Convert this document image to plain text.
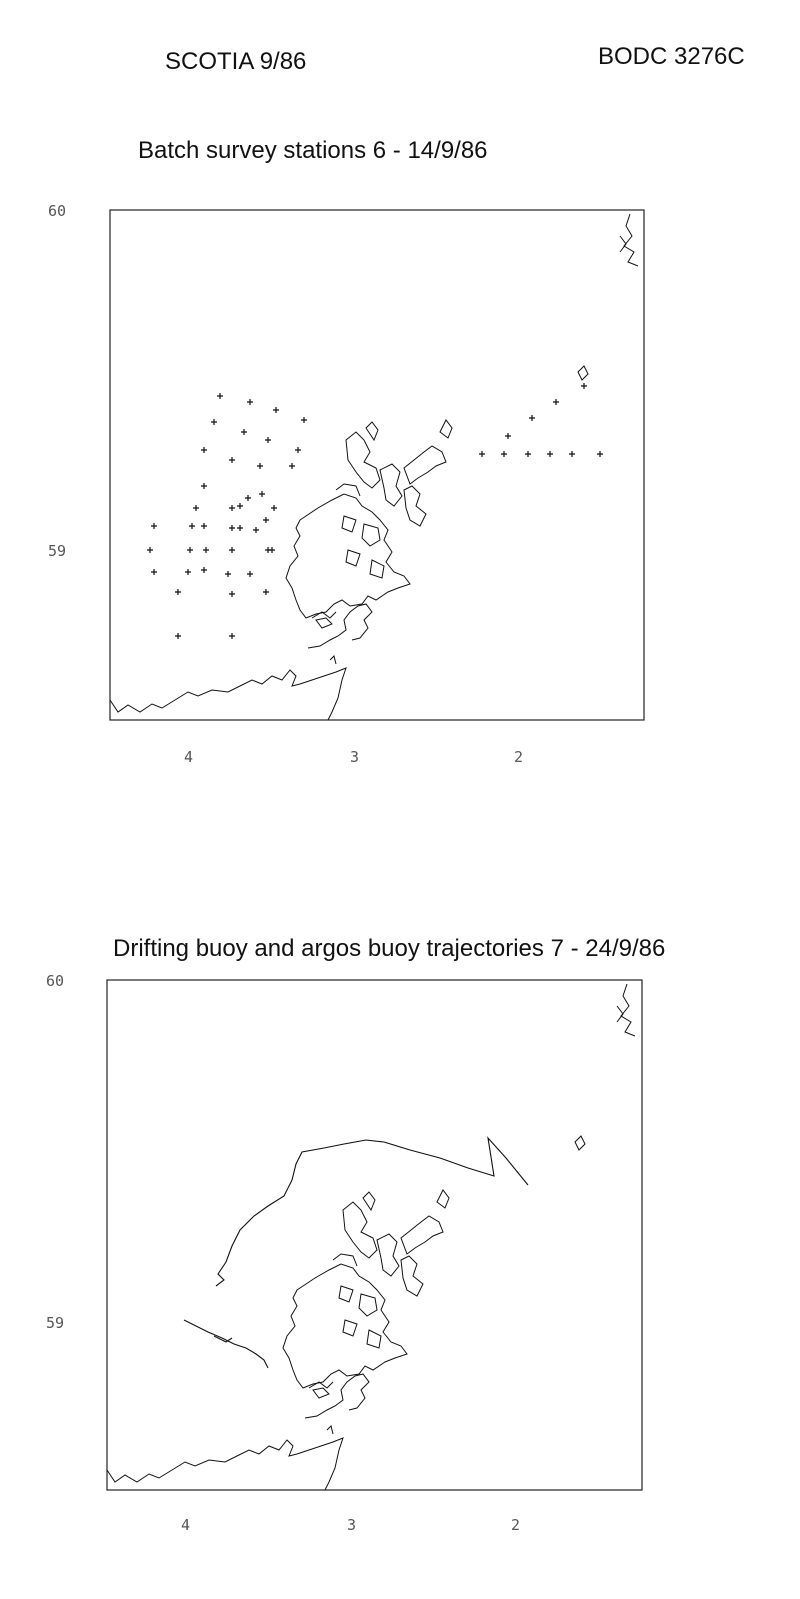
SCOTIA 9/86	BODC 3276C
Batch survey stations 6 - 14/9/86
60
59
4	3	2
Drifting buoy and argos buoy trajectories 7 - 24/9/86
60
59
4	3	2
